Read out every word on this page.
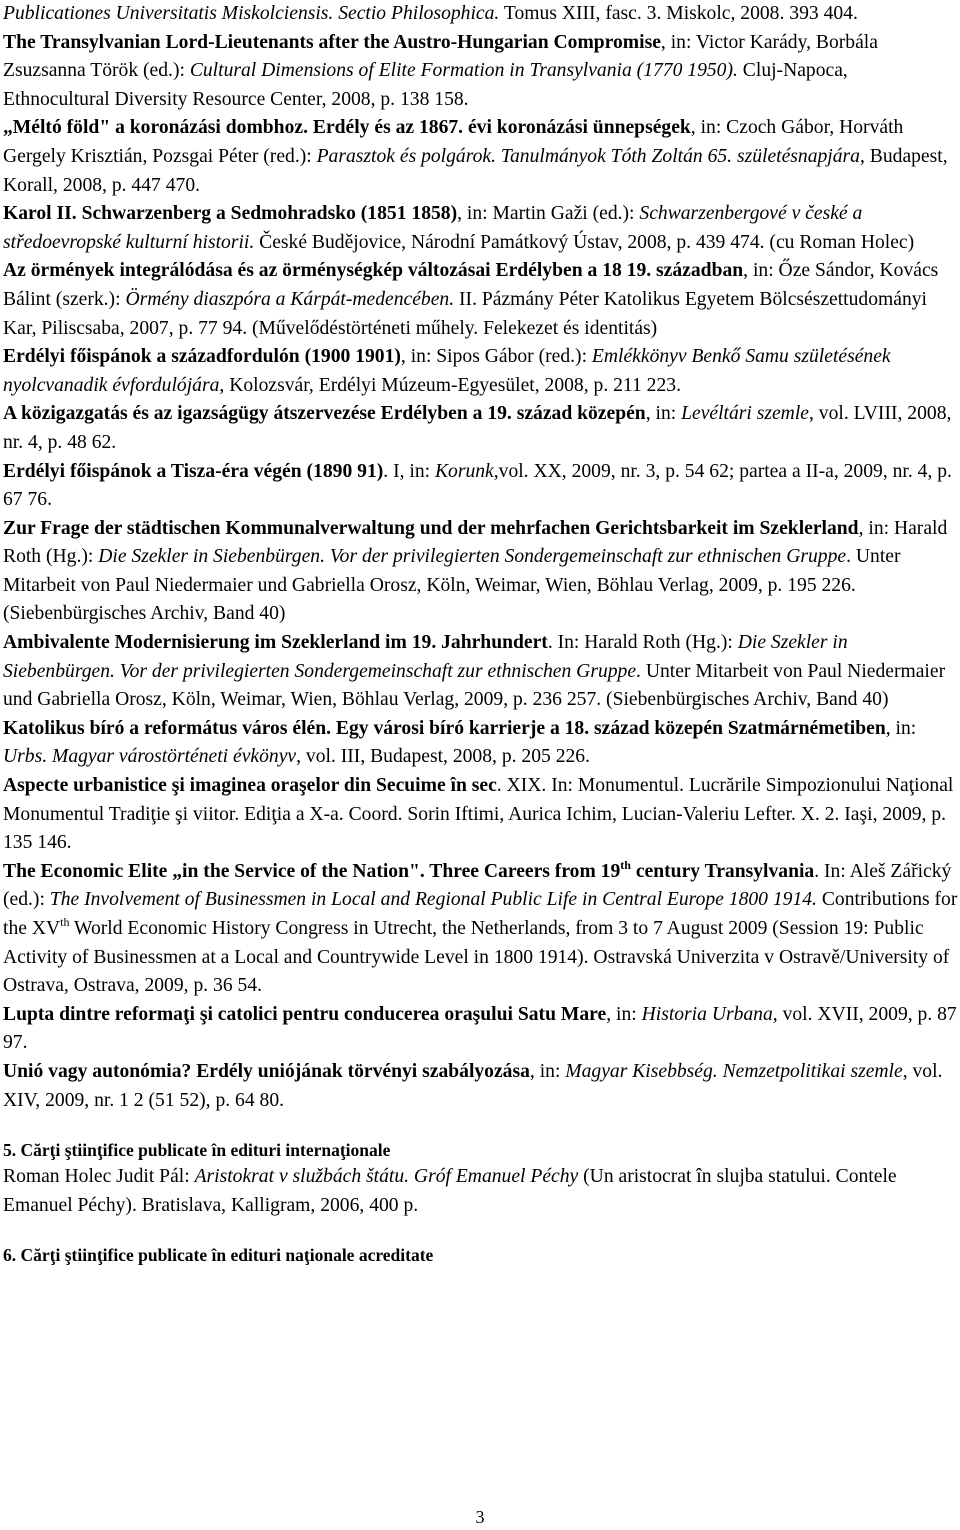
Publicationes Universitatis Miskolciensis. Sectio Philosophica. Tomus XIII, fasc. 3. Miskolc, 2008. 393 404.

The Transylvanian Lord-Lieutenants after the Austro-Hungarian Compromise, in: Victor Karády, Borbála Zsuzsanna Török (ed.): Cultural Dimensions of Elite Formation in Transylvania (1770 1950). Cluj-Napoca, Ethnocultural Diversity Resource Center, 2008, p. 138 158.

„Méltó föld" a koronázási dombhoz. Erdély és az 1867. évi koronázási ünnepségek, in: Czoch Gábor, Horváth Gergely Krisztián, Pozsgai Péter (red.): Parasztok és polgárok. Tanulmányok Tóth Zoltán 65. születésnapjára, Budapest, Korall, 2008, p. 447 470.

Karol II. Schwarzenberg a Sedmohradsko (1851 1858), in: Martin Gaži (ed.): Schwarzenbergové v české a středoevropské kulturní historii. České Budějovice, Národní Památkový Ústav, 2008, p. 439 474. (cu Roman Holec)

Az örmények integrálódása és az örménységkép változásai Erdélyben a 18 19. században, in: Őze Sándor, Kovács Bálint (szerk.): Örmény diaszpóra a Kárpát-medencében. II. Pázmány Péter Katolikus Egyetem Bölcsészettudományi Kar, Piliscsaba, 2007, p. 77 94. (Művelődéstörténeti műhely. Felekezet és identitás)

Erdélyi főispánok a századfordulón (1900 1901), in: Sipos Gábor (red.): Emlékkönyv Benkő Samu születésének nyolcvanadik évfordulójára, Kolozsvár, Erdélyi Múzeum-Egyesület, 2008, p. 211 223.

A közigazgatás és az igazságügy átszervezése Erdélyben a 19. század közepén, in: Levéltári szemle, vol. LVIII, 2008, nr. 4, p. 48 62.

Erdélyi főispánok a Tisza-éra végén (1890 91). I, in: Korunk,vol. XX, 2009, nr. 3, p. 54 62; partea a II-a, 2009, nr. 4, p. 67 76.

Zur Frage der städtischen Kommunalverwaltung und der mehrfachen Gerichtsbarkeit im Szeklerland, in: Harald Roth (Hg.): Die Szekler in Siebenbürgen. Vor der privilegierten Sondergemeinschaft zur ethnischen Gruppe. Unter Mitarbeit von Paul Niedermaier und Gabriella Orosz, Köln, Weimar, Wien, Böhlau Verlag, 2009, p. 195 226. (Siebenbürgisches Archiv, Band 40)

Ambivalente Modernisierung im Szeklerland im 19. Jahrhundert. In: Harald Roth (Hg.): Die Szekler in Siebenbürgen. Vor der privilegierten Sondergemeinschaft zur ethnischen Gruppe. Unter Mitarbeit von Paul Niedermaier und Gabriella Orosz, Köln, Weimar, Wien, Böhlau Verlag, 2009, p. 236 257. (Siebenbürgisches Archiv, Band 40)

Katolikus bíró a református város élén. Egy városi bíró karrierje a 18. század közepén Szatmárnémetiben, in: Urbs. Magyar várostörténeti évkönyv, vol. III, Budapest, 2008, p. 205 226.

Aspecte urbanistice şi imaginea oraşelor din Secuime în sec. XIX. In: Monumentul. Lucrările Simpozionului Naţional Monumentul Tradiţie şi viitor. Ediţia a X-a. Coord. Sorin Iftimi, Aurica Ichim, Lucian-Valeriu Lefter. X. 2. Iaşi, 2009, p. 135 146.

The Economic Elite „in the Service of the Nation". Three Careers from 19th century Transylvania. In: Aleš Zářický (ed.): The Involvement of Businessmen in Local and Regional Public Life in Central Europe 1800 1914. Contributions for the XVth World Economic History Congress in Utrecht, the Netherlands, from 3 to 7 August 2009 (Session 19: Public Activity of Businessmen at a Local and Countrywide Level in 1800 1914). Ostravská Univerzita v Ostravě/University of Ostrava, Ostrava, 2009, p. 36 54.

Lupta dintre reformaţi şi catolici pentru conducerea oraşului Satu Mare, in: Historia Urbana, vol. XVII, 2009, p. 87 97.

Unió vagy autonómia? Erdély uniójának törvényi szabályozása, in: Magyar Kisebbség. Nemzetpolitikai szemle, vol. XIV, 2009, nr. 1 2 (51 52), p. 64 80.

5. Cărţi ştiinţifice publicate în edituri internaţionale

Roman Holec Judit Pál: Aristokrat v službách štátu. Gróf Emanuel Péchy (Un aristocrat în slujba statului. Contele Emanuel Péchy). Bratislava, Kalligram, 2006, 400 p.

6. Cărţi ştiinţifice publicate în edituri naţionale acreditate

3
